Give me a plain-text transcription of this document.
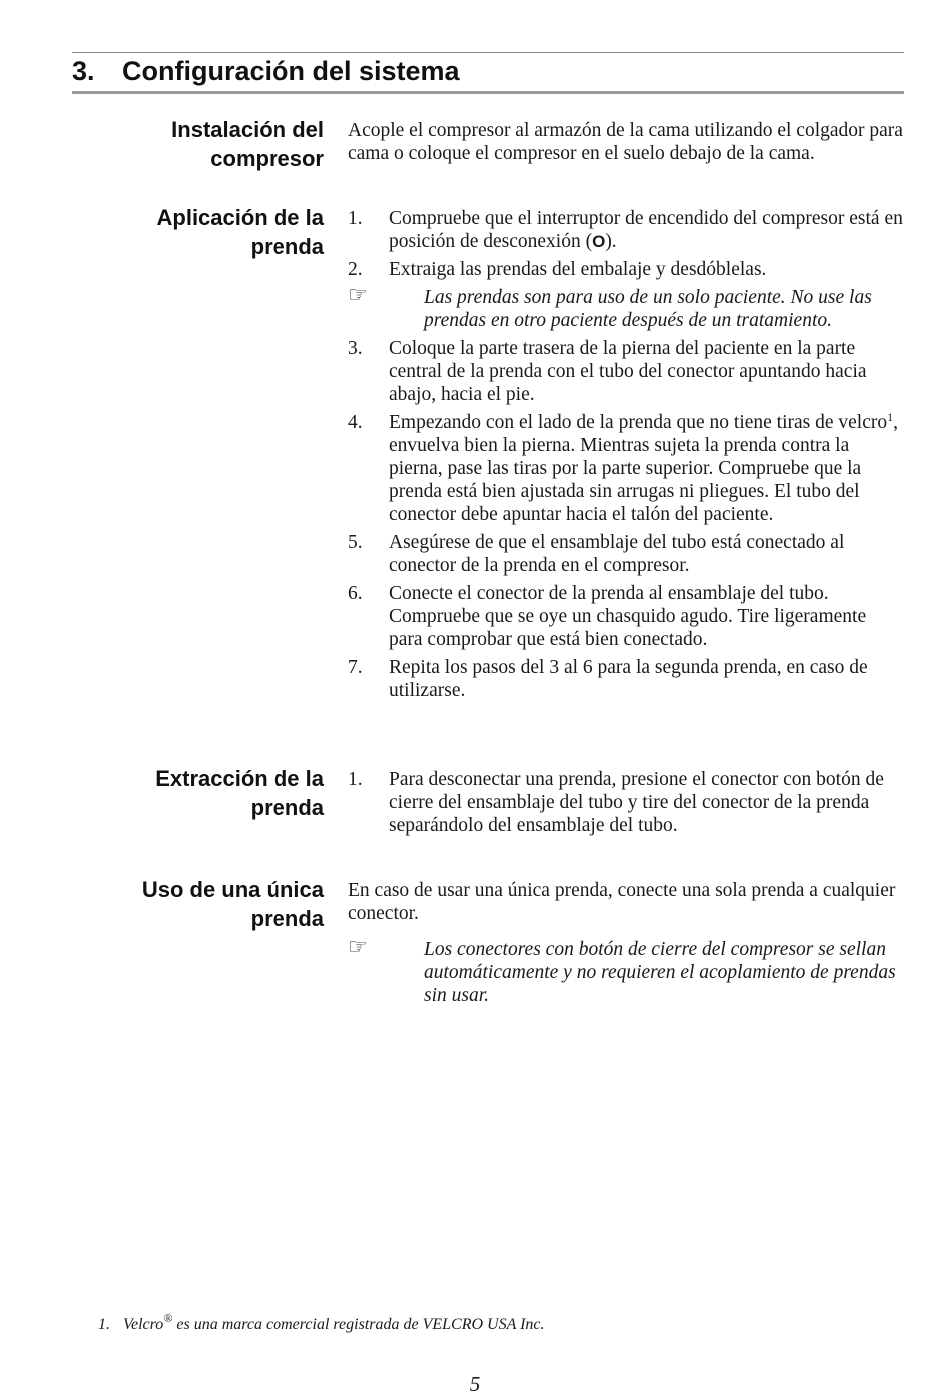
3. Configuración del sistema
Instalación del
compresor

Acople el compresor al armazón de la cama utilizando el colgador para cama o coloque el compresor en el suelo debajo de la cama.

Aplicación de la
prenda
1. Compruebe que el interruptor de encendido del compresor está en posición de desconexión (O).
2. Extraiga las prendas del embalaje y desdóblelas.
☞	Las prendas son para uso de un solo paciente. No use las prendas en otro paciente después de un tratamiento.
3. Coloque la parte trasera de la pierna del paciente en la parte central de la prenda con el tubo del conector apuntando hacia abajo, hacia el pie.
4. Empezando con el lado de la prenda que no tiene tiras de velcro$^1$, envuelva bien la pierna. Mientras sujeta la prenda contra la pierna, pase las tiras por la parte superior. Compruebe que la prenda está bien ajustada sin arrugas ni pliegues. El tubo del conector debe apuntar hacia el talón del paciente.
5. Asegúrese de que el ensamblaje del tubo está conectado al conector de la prenda en el compresor.
6. Conecte el conector de la prenda al ensamblaje del tubo. Compruebe que se oye un chasquido agudo. Tire ligeramente para comprobar que está bien conectado.
7. Repita los pasos del 3 al 6 para la segunda prenda, en caso de utilizarse.
Extracción de la
prenda
1. Para desconectar una prenda, presione el conector con botón de cierre del ensamblaje del tubo y tire del conector de la prenda separándolo del ensamblaje del tubo.
Uso de una única
prenda

En caso de usar una única prenda, conecte una sola prenda a cualquier conector.

☞	Los conectores con botón de cierre del compresor se sellan automáticamente y no requieren el acoplamiento de prendas sin usar.
1. Velcro® es una marca comercial registrada de VELCRO USA Inc.
5
